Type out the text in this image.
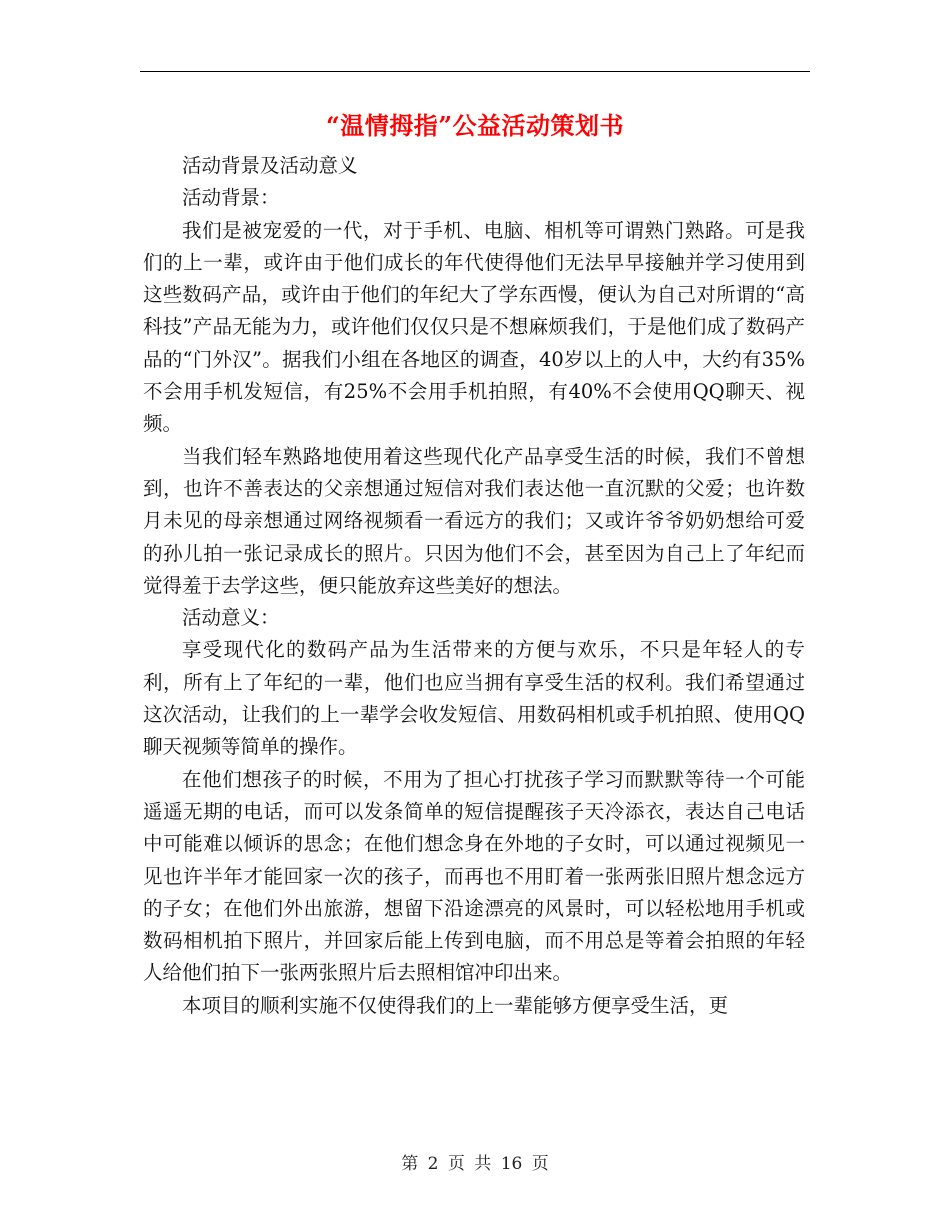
“温情拇指”公益活动策划书

活动背景及活动意义

活动背景：

我们是被宠爱的一代，对于手机、电脑、相机等可谓熟门熟路。可是我们的上一辈，或许由于他们成长的年代使得他们无法早早接触并学习使用到这些数码产品，或许由于他们的年纪大了学东西慢，便认为自己对所谓的“高科技”产品无能为力，或许他们仅仅只是不想麻烦我们，于是他们成了数码产品的“门外汉”。据我们小组在各地区的调查，40岁以上的人中，大约有35%不会用手机发短信，有25%不会用手机拍照，有40%不会使用QQ聊天、视频。

当我们轻车熟路地使用着这些现代化产品享受生活的时候，我们不曾想到，也许不善表达的父亲想通过短信对我们表达他一直沉默的父爱；也许数月未见的母亲想通过网络视频看一看远方的我们；又或许爷爷奶奶想给可爱的孙儿拍一张记录成长的照片。只因为他们不会，甚至因为自己上了年纪而觉得羞于去学这些，便只能放弃这些美好的想法。

活动意义：

享受现代化的数码产品为生活带来的方便与欢乐，不只是年轻人的专利，所有上了年纪的一辈，他们也应当拥有享受生活的权利。我们希望通过这次活动，让我们的上一辈学会收发短信、用数码相机或手机拍照、使用QQ聊天视频等简单的操作。

在他们想孩子的时候，不用为了担心打扰孩子学习而默默等待一个可能遥遥无期的电话，而可以发条简单的短信提醒孩子天冷添衣，表达自己电话中可能难以倾诉的思念；在他们想念身在外地的子女时，可以通过视频见一见也许半年才能回家一次的孩子，而再也不用盯着一张两张旧照片想念远方的子女；在他们外出旅游，想留下沿途漂亮的风景时，可以轻松地用手机或数码相机拍下照片，并回家后能上传到电脑，而不用总是等着会拍照的年轻人给他们拍下一张两张照片后去照相馆冲印出来。

本项目的顺利实施不仅使得我们的上一辈能够方便享受生活，更

第 2 页 共 16 页
